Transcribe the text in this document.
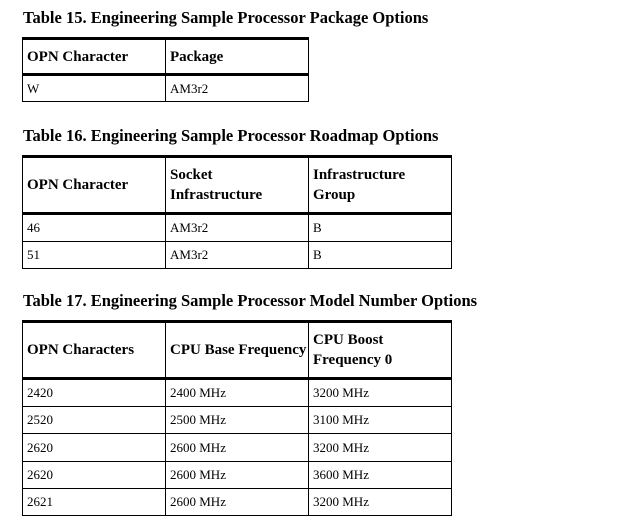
Table 15. Engineering Sample Processor Package Options
OPN Character	Package
W	AM3r2
Table 16. Engineering Sample Processor Roadmap Options
OPN Character	Socket Infrastructure	Infrastructure Group
46	AM3r2	B
51	AM3r2	B
Table 17. Engineering Sample Processor Model Number Options
OPN Characters	CPU Base Frequency	CPU Boost Frequency 0
2420	2400 MHz	3200 MHz
2520	2500 MHz	3100 MHz
2620	2600 MHz	3200 MHz
2620	2600 MHz	3600 MHz
2621	2600 MHz	3200 MHz
